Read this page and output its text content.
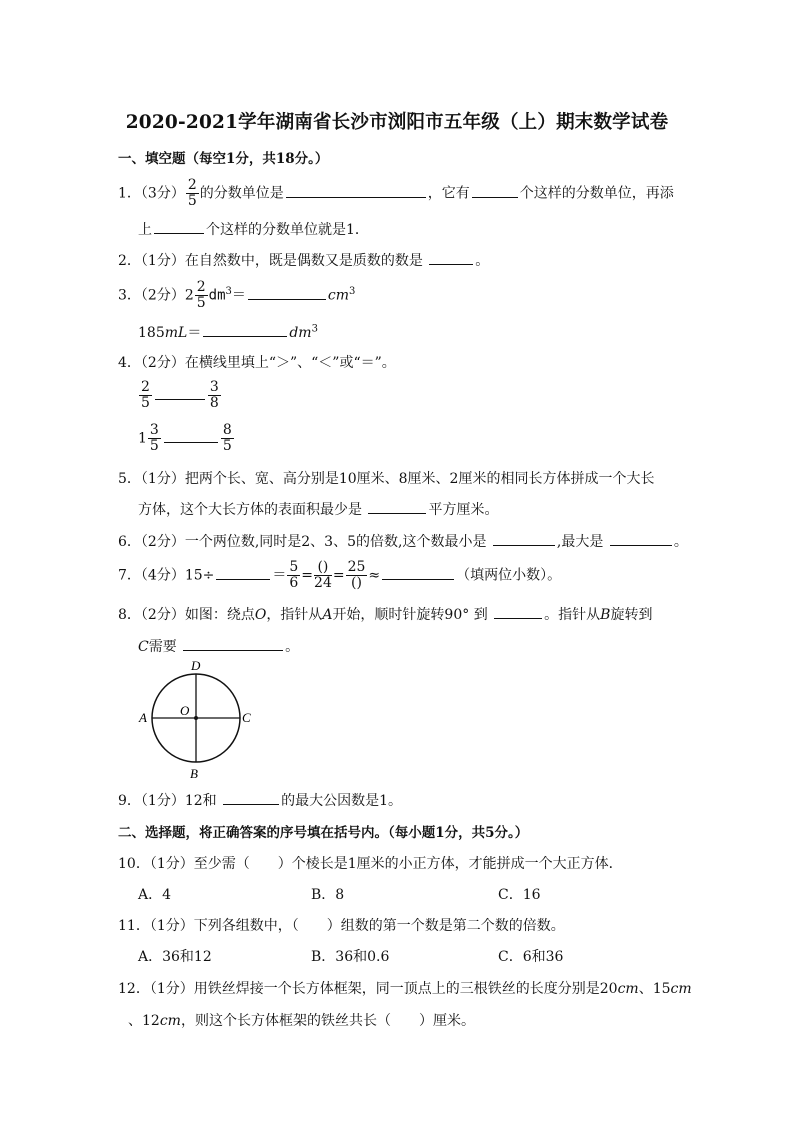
2020-2021学年湖南省长沙市浏阳市五年级（上）期末数学试卷
一、填空题（每空1分，共18分。）
1．（3分） $\frac{2}{5}$ 的分数单位是	，它有	个这样的分数单位，再添
上	个这样的分数单位就是1．
2．（1分）在自然数中，既是偶数又是质数的数是	。
3．（2分）$2 \frac{2}{5} dm^3=$	$cm^3$
185mL＝	$dm^3$
4．（2分）在横线里填上“＞”、“＜”或“＝”。
$\frac{2}{5}$	$\frac{3}{8}$
$1 \frac{3}{5}$	$\frac{8}{5}$
5．（1分）把两个长、宽、高分别是10厘米、8厘米、2厘米的相同长方体拼成一个大长
方体，这个大长方体的表面积最少是	平方厘米。
6．（2分）一个两位数,同时是2、3、5的倍数,这个数最小是	,最大是	。
7．（4分）15÷	＝ $\frac{5}{6} = \frac{()}{24} = \frac{25}{()}$ ≈	（填两位小数）。
8．（2分）如图：绕点O，指针从A开始，顺时针旋转90° 到	。指针从B旋转到
C需要	。
D
A	O	C
B
9．（1分）12和	的最大公因数是1。
二、选择题，将正确答案的序号填在括号内。（每小题1分，共5分。）
10．（1分）至少需（　　）个棱长是1厘米的小正方体，才能拼成一个大正方体．
A．4	B．8	C．16
11．（1分）下列各组数中，（　　）组数的第一个数是第二个数的倍数。
A．36和12	B．36和0.6	C．6和36
12．（1分）用铁丝焊接一个长方体框架，同一顶点上的三根铁丝的长度分别是20cm、15cm
、12cm，则这个长方体框架的铁丝共长（　　）厘米。
